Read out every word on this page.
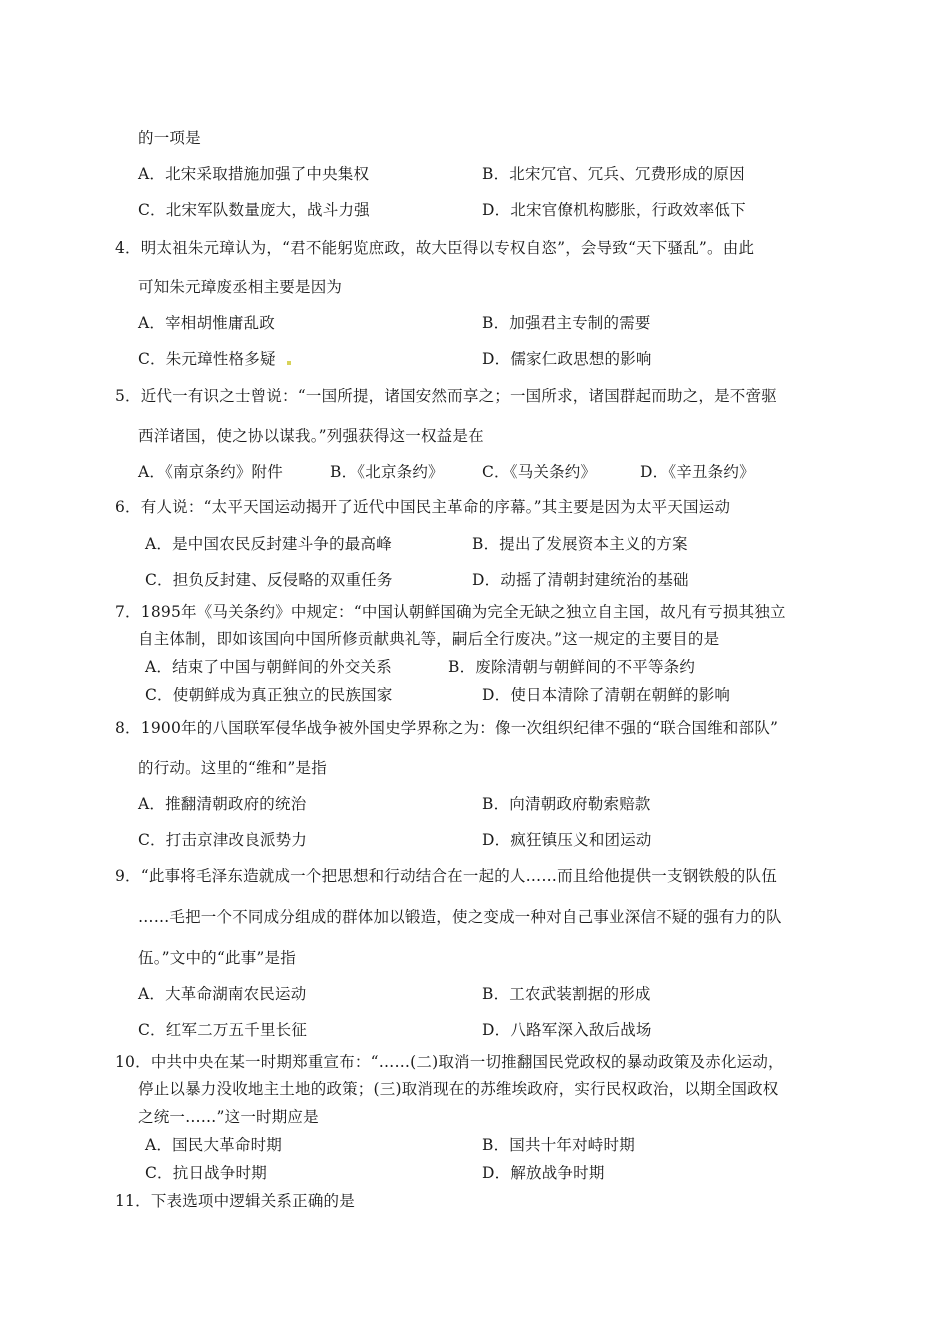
的一项是
A．北宋采取措施加强了中央集权	B．北宋冗官、冗兵、冗费形成的原因
C．北宋军队数量庞大，战斗力强	D．北宋官僚机构膨胀，行政效率低下
4．明太祖朱元璋认为，“君不能躬览庶政，故大臣得以专权自恣”，会导致“天下骚乱”。由此
可知朱元璋废丞相主要是因为
A．宰相胡惟庸乱政	B．加强君主专制的需要
C．朱元璋性格多疑	D．儒家仁政思想的影响
5．近代一有识之士曾说：“一国所提，诸国安然而享之；一国所求，诸国群起而助之，是不啻驱
西洋诸国，使之协以谋我。”列强获得这一权益是在
A．《南京条约》附件	B．《北京条约》 C．《马关条约》	D．《辛丑条约》
6．有人说：“太平天国运动揭开了近代中国民主革命的序幕。”其主要是因为太平天国运动
A．是中国农民反封建斗争的最高峰	B．提出了发展资本主义的方案
C．担负反封建、反侵略的双重任务	D．动摇了清朝封建统治的基础
7．1895年《马关条约》中规定：“中国认朝鲜国确为完全无缺之独立自主国，故凡有亏损其独立
自主体制，即如该国向中国所修贡献典礼等，嗣后全行废决。”这一规定的主要目的是
A．结束了中国与朝鲜间的外交关系	B．废除清朝与朝鲜间的不平等条约
C．使朝鲜成为真正独立的民族国家	D．使日本清除了清朝在朝鲜的影响
8．1900年的八国联军侵华战争被外国史学界称之为：像一次组织纪律不强的“联合国维和部队”
的行动。这里的“维和”是指
A．推翻清朝政府的统治	B．向清朝政府勒索赔款
C．打击京津改良派势力	D．疯狂镇压义和团运动
9．“此事将毛泽东造就成一个把思想和行动结合在一起的人……而且给他提供一支钢铁般的队伍
……毛把一个不同成分组成的群体加以锻造，使之变成一种对自己事业深信不疑的强有力的队
伍。”文中的“此事”是指
A．大革命湖南农民运动	B．工农武装割据的形成
C．红军二万五千里长征	D．八路军深入敌后战场
10．中共中央在某一时期郑重宣布：“……(二)取消一切推翻国民党政权的暴动政策及赤化运动，
停止以暴力没收地主土地的政策；(三)取消现在的苏维埃政府，实行民权政治，以期全国政权
之统一……”这一时期应是
A．国民大革命时期	B．国共十年对峙时期
C．抗日战争时期	D．解放战争时期
11．下表选项中逻辑关系正确的是
